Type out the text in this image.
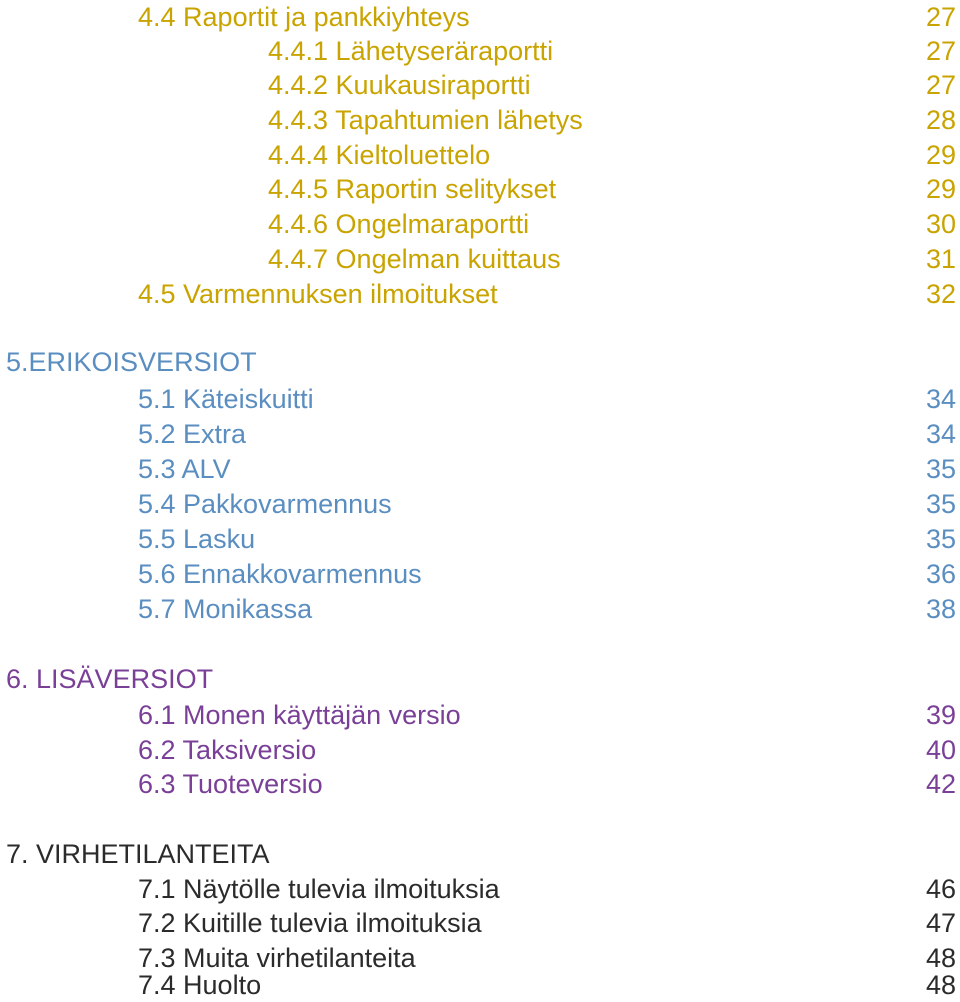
4.4 Raportit ja pankkiyhteys	27
4.4.1 Lähetyseräraportti	27
4.4.2 Kuukausiraportti	27
4.4.3 Tapahtumien lähetys	28
4.4.4 Kieltoluettelo	29
4.4.5 Raportin selitykset	29
4.4.6 Ongelmaraportti	30
4.4.7 Ongelman kuittaus	31
4.5 Varmennuksen ilmoitukset	32
5.ERIKOISVERSIOT
5.1 Käteiskuitti	34
5.2 Extra	34
5.3 ALV	35
5.4 Pakkovarmennus	35
5.5 Lasku	35
5.6 Ennakkovarmennus	36
5.7 Monikassa	38
6. LISÄVERSIOT
6.1 Monen käyttäjän versio	39
6.2 Taksiversio	40
6.3 Tuoteversio	42
7. VIRHETILANTEITA
7.1 Näytölle tulevia ilmoituksia	46
7.2 Kuitille tulevia ilmoituksia	47
7.3 Muita virhetilanteita	48
7.4 Huolto	48
